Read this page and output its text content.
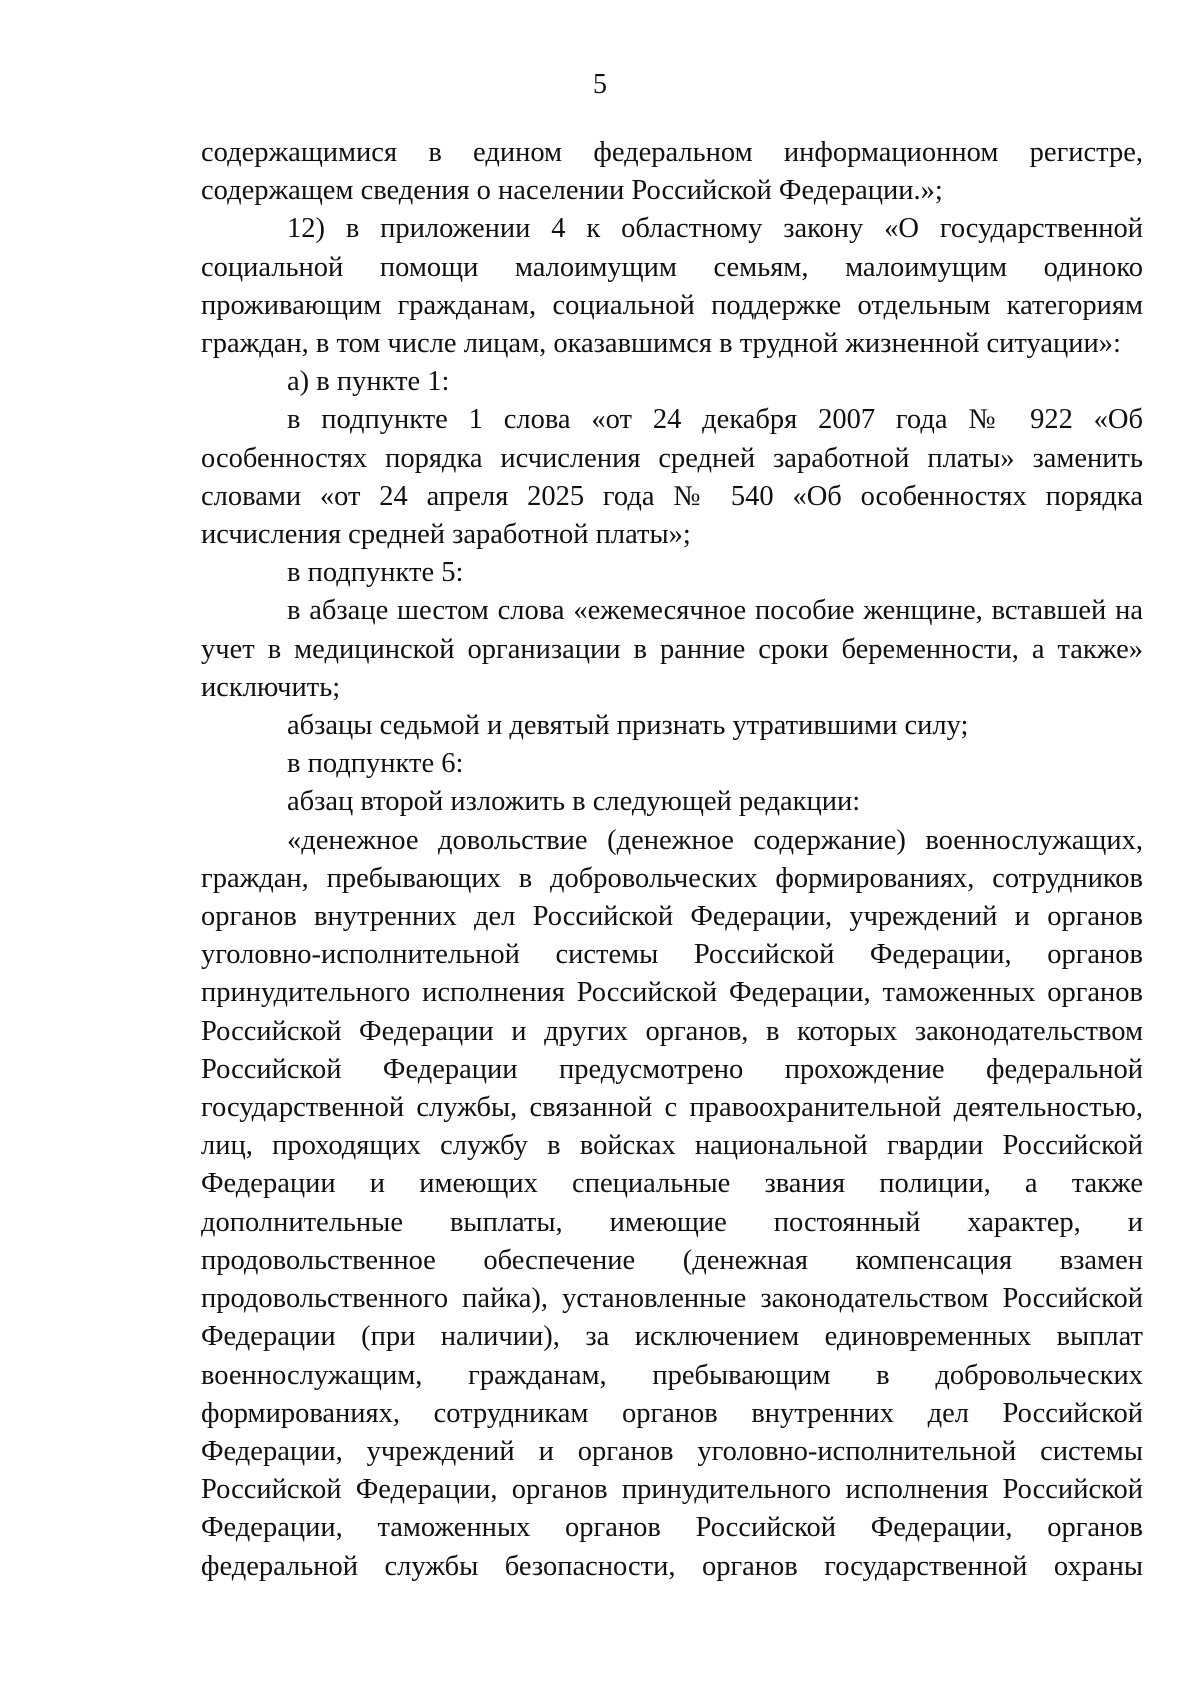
5

содержащимися в едином федеральном информационном регистре, содержащем сведения о населении Российской Федерации.»;

12) в приложении 4 к областному закону «О государственной социальной помощи малоимущим семьям, малоимущим одиноко проживающим гражданам, социальной поддержке отдельным категориям граждан, в том числе лицам, оказавшимся в трудной жизненной ситуации»:

а) в пункте 1:

в подпункте 1 слова «от 24 декабря 2007 года № 922 «Об особенностях порядка исчисления средней заработной платы» заменить словами «от 24 апреля 2025 года № 540 «Об особенностях порядка исчисления средней заработной платы»;

в подпункте 5:

в абзаце шестом слова «ежемесячное пособие женщине, вставшей на учет в медицинской организации в ранние сроки беременности, а также» исключить;

абзацы седьмой и девятый признать утратившими силу;

в подпункте 6:

абзац второй изложить в следующей редакции:

«денежное довольствие (денежное содержание) военнослужащих, граждан, пребывающих в добровольческих формированиях, сотрудников органов внутренних дел Российской Федерации, учреждений и органов уголовно-исполнительной системы Российской Федерации, органов принудительного исполнения Российской Федерации, таможенных органов Российской Федерации и других органов, в которых законодательством Российской Федерации предусмотрено прохождение федеральной государственной службы, связанной с правоохранительной деятельностью, лиц, проходящих службу в войсках национальной гвардии Российской Федерации и имеющих специальные звания полиции, а также дополнительные выплаты, имеющие постоянный характер, и продовольственное обеспечение (денежная компенсация взамен продовольственного пайка), установленные законодательством Российской Федерации (при наличии), за исключением единовременных выплат военнослужащим, гражданам, пребывающим в добровольческих формированиях, сотрудникам органов внутренних дел Российской Федерации, учреждений и органов уголовно-исполнительной системы Российской Федерации, органов принудительного исполнения Российской Федерации, таможенных органов Российской Федерации, органов федеральной службы безопасности, органов государственной охраны
